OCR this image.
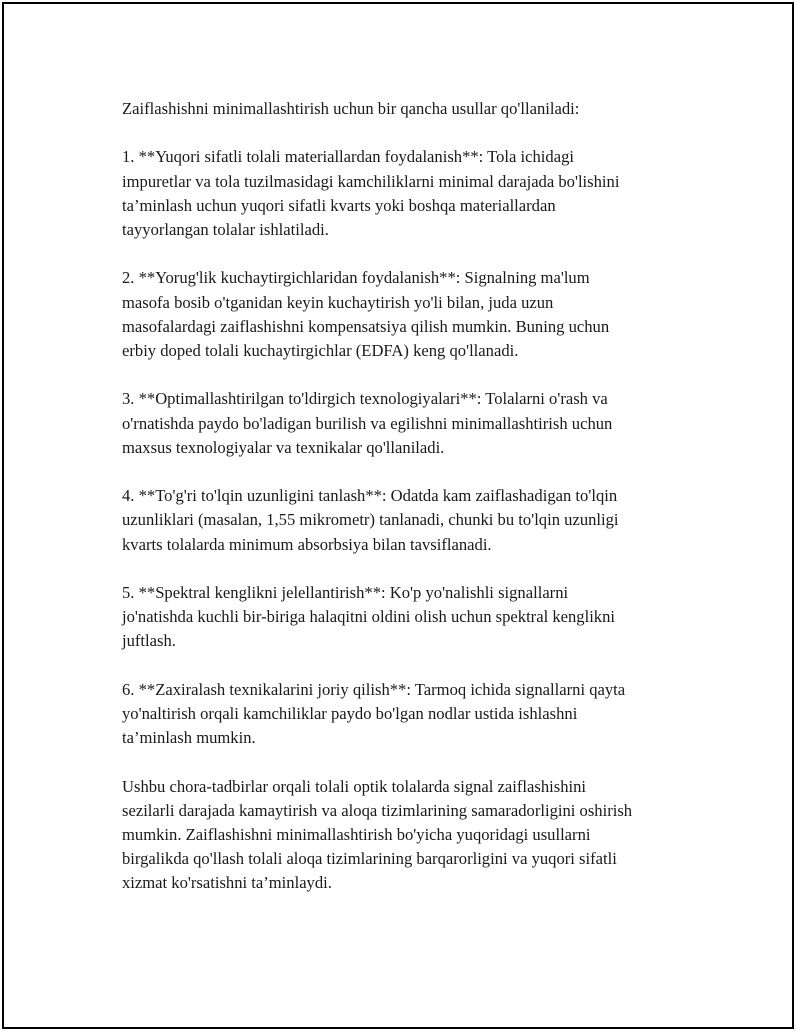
Zaiflashishni minimallashtirish uchun bir qancha usullar qo'llaniladi:

1. **Yuqori sifatli tolali materiallardan foydalanish**: Tola ichidagi
impuretlar va tola tuzilmasidagi kamchiliklarni minimal darajada bo'lishini
ta’minlash uchun yuqori sifatli kvarts yoki boshqa materiallardan
tayyorlangan tolalar ishlatiladi.

2. **Yorug'lik kuchaytirgichlaridan foydalanish**: Signalning ma'lum
masofa bosib o'tganidan keyin kuchaytirish yo'li bilan, juda uzun
masofalardagi zaiflashishni kompensatsiya qilish mumkin. Buning uchun
erbiy doped tolali kuchaytirgichlar (EDFA) keng qo'llanadi.

3. **Optimallashtirilgan to'ldirgich texnologiyalari**: Tolalarni o'rash va
o'rnatishda paydo bo'ladigan burilish va egilishni minimallashtirish uchun
maxsus texnologiyalar va texnikalar qo'llaniladi.

4. **To'g'ri to'lqin uzunligini tanlash**: Odatda kam zaiflashadigan to'lqin
uzunliklari (masalan, 1,55 mikrometr) tanlanadi, chunki bu to'lqin uzunligi
kvarts tolalarda minimum absorbsiya bilan tavsiflanadi.

5. **Spektral kenglikni jelellantirish**: Ko'p yo'nalishli signallarni
jo'natishda kuchli bir-biriga halaqitni oldini olish uchun spektral kenglikni
juftlash.

6. **Zaxiralash texnikalarini joriy qilish**: Tarmoq ichida signallarni qayta
yo'naltirish orqali kamchiliklar paydo bo'lgan nodlar ustida ishlashni
ta’minlash mumkin.

Ushbu chora-tadbirlar orqali tolali optik tolalarda signal zaiflashishini
sezilarli darajada kamaytirish va aloqa tizimlarining samaradorligini oshirish
mumkin. Zaiflashishni minimallashtirish bo'yicha yuqoridagi usullarni
birgalikda qo'llash tolali aloqa tizimlarining barqarorligini va yuqori sifatli
xizmat ko'rsatishni ta’minlaydi.
